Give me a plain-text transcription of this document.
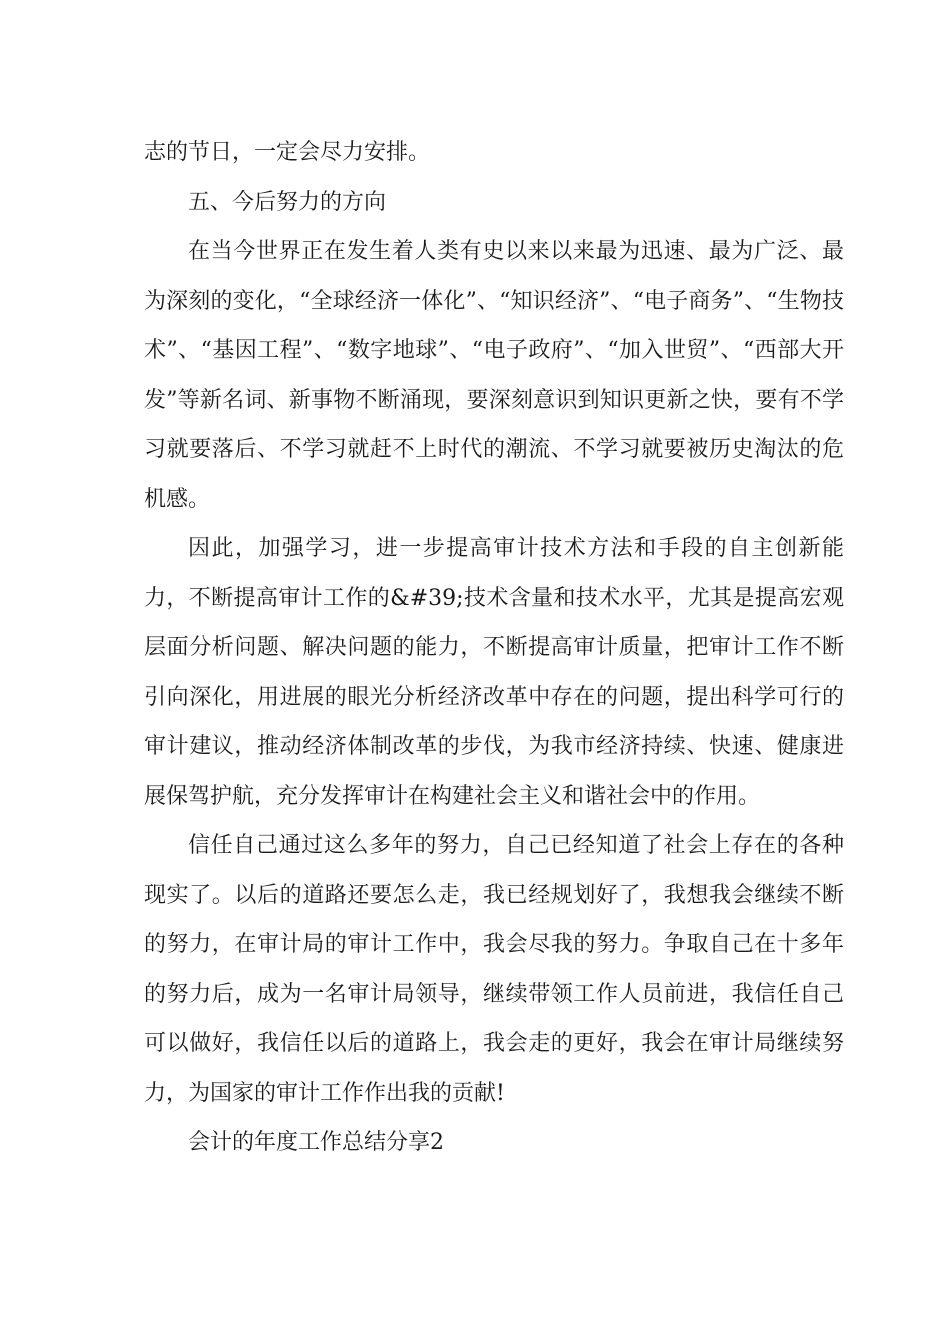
志的节日，一定会尽力安排。

五、今后努力的方向

在当今世界正在发生着人类有史以来以来最为迅速、最为广泛、最为深刻的变化，“全球经济一体化”、“知识经济”、“电子商务”、“生物技术”、“基因工程”、“数字地球”、“电子政府”、“加入世贸”、“西部大开发”等新名词、新事物不断涌现，要深刻意识到知识更新之快，要有不学习就要落后、不学习就赶不上时代的潮流、不学习就要被历史淘汰的危机感。

因此，加强学习，进一步提高审计技术方法和手段的自主创新能力，不断提高审计工作的&#39;技术含量和技术水平，尤其是提高宏观层面分析问题、解决问题的能力，不断提高审计质量，把审计工作不断引向深化，用进展的眼光分析经济改革中存在的问题，提出科学可行的审计建议，推动经济体制改革的步伐，为我市经济持续、快速、健康进展保驾护航，充分发挥审计在构建社会主义和谐社会中的作用。

信任自己通过这么多年的努力，自己已经知道了社会上存在的各种现实了。以后的道路还要怎么走，我已经规划好了，我想我会继续不断的努力，在审计局的审计工作中，我会尽我的努力。争取自己在十多年的努力后，成为一名审计局领导，继续带领工作人员前进，我信任自己可以做好，我信任以后的道路上，我会走的更好，我会在审计局继续努力，为国家的审计工作作出我的贡献!

会计的年度工作总结分享2
